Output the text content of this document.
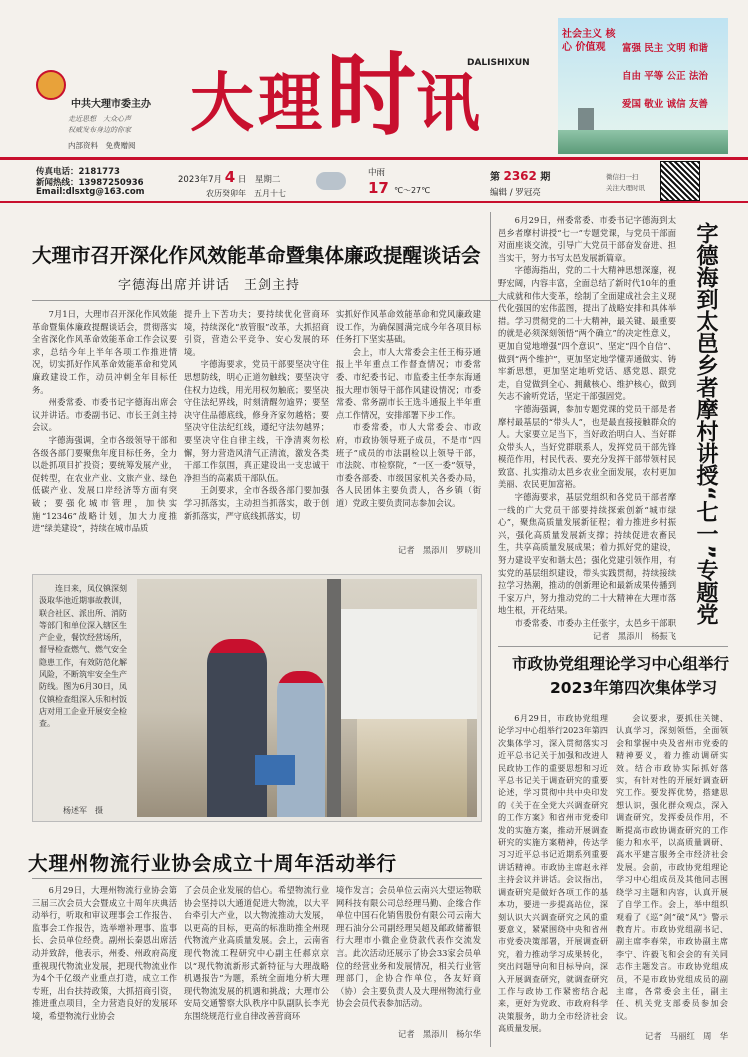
中共大理市委主办
走近思想　大众心声
权威发布身边的你家
内部资料　免费赠阅
大理时讯
DALISHIXUN
社会主义 核心 价值观	富强 民主 文明 和谐
自由 平等 公正 法治
爱国 敬业 诚信 友善
传真电话：2181773
新闻热线：13987250936
Email:dlsxtg@163.com
2023年7月 4 日　星期二
农历癸卯年　五月十七
中雨
17 ℃～27℃
第 2362 期
编辑 / 罗冠亮
微信扫一扫
关注大理时讯
大理市召开深化作风效能革命暨集体廉政提醒谈话会
字德海出席并讲话　王剑主持

7月1日，大理市召开深化作风效能革命暨集体廉政提醒谈话会，贯彻落实全省深化作风革命效能革命工作会议要求，总结今年上半年各项工作推进情况，切实抓好作风革命效能革命和党风廉政建设工作，动员冲刺全年目标任务。

州委常委、市委书记字德海出席会议并讲话。市委副书记、市长王剑主持会议。

字德海强调，全市各级领导干部和各级各部门要聚焦年度目标任务，全力以赴抓项目扩投资；要统筹发展产业，促转型，在农业产业、文旅产业、绿色低碳产业、发展口岸经济等方面有突破；要强化城市管理，加快实施“12346”战略计划，加大力度推进“绿美建设”，持续在城市品质

提升上下苦功夫；要持续优化营商环境，持续深化“放管服”改革，大抓招商引资，营造公平竞争、安心发展的环境。

字德海要求，党员干部要坚决守住思想防线，明心正道勿触线；要坚决守住权力边线，用光用权勿触底；要坚决守住法纪界线，时刻清醒勿逾界；要坚决守住品德底线，修身齐家勿越格；要坚决守住法纪红线，遵纪守法勿越界；要坚决守住自律主线，干净清爽勿松懈，努力营造风清气正清流，激发各类干部工作氛围，真正建设出一支忠诚干净担当的高素质干部队伍。

王剑要求，全市各级各部门要加强学习抓落实，主动担当抓落实，敢于创新抓落实，严守底线抓落实，切

实抓好作风革命效能革命和党风廉政建设工作，为确保圆满完成今年各项目标任务打下坚实基础。

会上，市人大常委会主任王梅芬通报上半年重点工作督查情况；市委常委、市纪委书记、市监委主任李东海通报大理市领导干部作风建设情况；市委常委、常务副市长王选斗通报上半年重点工作情况，安排部署下步工作。

市委常委，市人大常委会、市政府，市政协领导班子成员，不是市“四班子”成员的市法副检以上领导干部，市法院、市检察院，“一区一委”领导，市委各部委、市级国家机关各委办局，各人民团体主要负责人，各乡镇（街道）党政主要负责同志参加会议。

记者　黑添川　罗晓川

连日来，凤仪镇深刻汲取华池近期事故教训，联合社区、派出所、消防等部门和单位深入辖区生产企业，餐饮经营场所，督导检查燃气、燃气安全隐患工作，有效防范化解风险，不断筑牢安全生产防线。图为6月30日，凤仪镇检查组深入乐和村饭店对用工企业开展安全检查。

杨述军　摄
大理州物流行业协会成立十周年活动举行

6月29日，大理州物流行业协会第三届三次会员大会暨成立十周年庆典活动举行，听取和审议理事会工作报告、监事会工作报告，选举增补理事、监事长、会员单位经费。副州长秦恩出席活动并致辞，他表示，州委、州政府高度重视现代物流业发展，把现代物流业作为4个千亿级产业重点打造，成立工作专班，出台扶持政策，大抓招商引资，推进重点项目，全力营造良好的发展环境，希望物流行业协会

了会员企业发展的信心。希望物流行业协会坚持以大通道促进大物流，以大平台牵引大产业，以大物流推动大发展，以更高的目标，更高的标准助推全州现代物流产业高质量发展。会上，云南省现代物流工程研究中心副主任郝京京以“现代物流新形式新特征与大理战略机遇报告”为题，系统全面地分析大理现代物流发展的机遇和挑战；大理市公安局交通警察大队秩序中队副队长李光东围绕规范行业自律改善营商环

境作发言；会员单位云南兴大望运物联网科技有限公司总经理马勤、企缘合作单位中国石化销售股份有限公司云南大理石油分公司副经理吴超及邮政储蓄银行大理市小微企业贷款代表作交流发言。此次活动还展示了协会33家会员单位的经营业务和发展情况，相关行业管理部门，企协合作单位，各友好商（协）会主要负责人及大理州物流行业协会会员代表参加活动。

记者　黑添川　杨尔华

6月29日，州委常委、市委书记字德海到太邑乡者摩村讲授“七一”专题党课，与党员干部面对面座谈交流，引导广大党员干部奋发奋进、担当实干，努力书写太邑发展新篇章。

字德海指出，党的二十大精神思想深邃，视野宏阔，内容丰富，全面总结了新时代10年的重大成就和伟大变革，绘制了全面建成社会主义现代化强国的宏伟蓝图，提出了战略安排和具体举措。学习贯彻党的二十大精神，最关键、最重要的就是必须深刻领悟“两个确立”的决定性意义，更加自觉地增强“四个意识”、坚定“四个自信”、做到“两个维护”，更加坚定地学懂弄通做实、铸牢新思想，更加坚定地听党话、感党恩、跟党走，自觉做到全心、拥戴核心、维护核心，做到矢志不渝听党话，坚定干部强固党。

字德海强调，参加专题党课的党员干部是者摩村最基层的“带头人”，也是最直接接触群众的人。大家要立足当下，当好政治明白人、当好群众带头人，当好党群联系人，发挥党员干部先锋模范作用，村民代表、要充分发挥干部带领村民致富、扎实推动太邑乡农业全面发展，农村更加美丽、农民更加富裕。

字德海要求，基层党组织和各党员干部者摩一线的广大党员干部要持续探索创新“城市绿心”，聚焦高质量发展新征程；着力推进乡村振兴，强化高质量发展新支撑；持续促进农畜民生，共享高质量发展成果；着力抓好党的建设，努力建设平安和谐太邑；强化党建引领作用，有实党的基层组织建设，带头实践贯彻，持续接续拉学习热潮，推动的创新理论和最新成果传播到千家万户，努力推动党的二十大精神在大理市落地生根，开花结果。

市委常委、市委办主任张宇，太邑乡干部职

记者　黑添川　杨振飞
字德海到太邑乡者摩村讲授“七一”专题党
市政协党组理论学习中心组举行
2023年第四次集体学习

6月29日，市政协党组理论学习中心组举行2023年第四次集体学习，深入贯彻落实习近平总书记关于加强和改进人民政协工作的重要思想和习近平总书记关于调查研究的重要论述，学习贯彻中共中央印发的《关于在全党大兴调查研究的工作方案》和省州市党委印发的实施方案，推动开展调查研究的实施方案精神，传达学习习近平总书记近期系列重要讲话精神。市政协主席赵永祥主持会议并讲话。会议指出，调查研究是做好各项工作的基本功，要进一步提高站位，深刻认识大兴调查研究之风的重要意义，紧紧围绕中央和省州市党委决策部署，开展调查研究，着力推动学习成果转化，突出问题导向和目标导向，深入开展调查研究，就调查研究工作与政协工作紧密结合起来，更好为党政、市政府科学决策服务，助力全市经济社会高质量发展。

会议要求，要抓住关键、认真学习，深刻领悟，全面领会和掌握中央及省州市党委的精神要义，着力推动调研实效。结合市政协实际抓好落实，有针对性的开展好调查研究工作。要发挥优势，搭建思想认识，强化群众观点，深入调查研究，发挥委员作用，不断提高市政协调查研究的工作能力和水平，以高质量调研、高水平建言服务全市经济社会发展。会前，市政协党组理论学习中心组成员及其他同志围绕学习主题和内容，认真开展了自学工作。会上，举中组织观看了《巡“剑”破“风”》警示教育片。市政协党组副书记、副主席李春荣，市政协副主席李宁、许毅飞和会会的有关同志作主题发言。市政协党组成员，不是市政协党组成员的副主席，各常委会主任，副主任、机关党支部委员参加会议。

记者　马丽红　周　华
